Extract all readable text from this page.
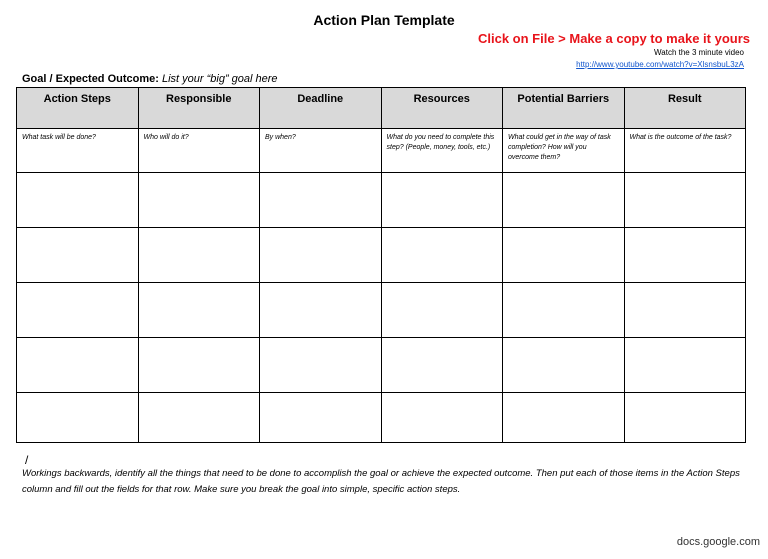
Action Plan Template
Click on File > Make a copy to make it yours
Watch the 3 minute video
http://www.youtube.com/watch?v=XlsnsbuL3zA
Goal / Expected Outcome: List your “big” goal here
Action Steps	Responsible	Deadline	Resources	Potential Barriers	Result
What task will be done?	Who will do it?	By when?	What do you need to complete this step? (People, money, tools, etc.)	What could get in the way of task completion? How will you overcome them?	What is the outcome of the task?

/
Workings backwards, identify all the things that need to be done to accomplish the goal or achieve the expected outcome. Then put each of those items in the Action Steps column and fill out the fields for that row. Make sure you break the goal into simple, specific action steps.
docs.google.com
